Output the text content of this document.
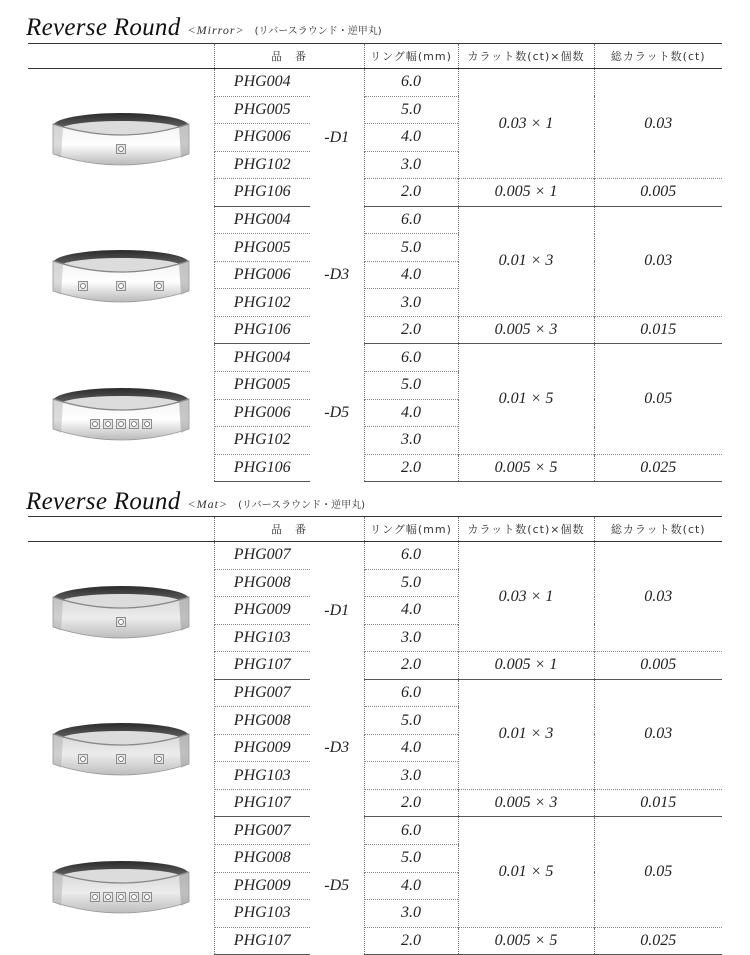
Reverse Round <Mirror> (リバースラウンド・逆甲丸)
	品　番		リング幅(mm)	カラット数(ct)×個数	総カラット数(ct)

	PHG004	-D1	6.0	0.03 × 1	0.03
	PHG005		5.0		
	PHG006		4.0		
	PHG102		3.0		
	PHG106		2.0	0.005 × 1	0.005

	PHG004	-D3	6.0	0.01 × 3	0.03
	PHG005		5.0		
	PHG006		4.0		
	PHG102		3.0		
	PHG106		2.0	0.005 × 3	0.015

	PHG004	-D5	6.0	0.01 × 5	0.05
	PHG005		5.0		
	PHG006		4.0		
	PHG102		3.0		
	PHG106		2.0	0.005 × 5	0.025
Reverse Round <Mat> (リバースラウンド・逆甲丸)
	品　番		リング幅(mm)	カラット数(ct)×個数	総カラット数(ct)

	PHG007	-D1	6.0	0.03 × 1	0.03
	PHG008		5.0		
	PHG009		4.0		
	PHG103		3.0		
	PHG107		2.0	0.005 × 1	0.005

	PHG007	-D3	6.0	0.01 × 3	0.03
	PHG008		5.0		
	PHG009		4.0		
	PHG103		3.0		
	PHG107		2.0	0.005 × 3	0.015

	PHG007	-D5	6.0	0.01 × 5	0.05
	PHG008		5.0		
	PHG009		4.0		
	PHG103		3.0		
	PHG107		2.0	0.005 × 5	0.025
